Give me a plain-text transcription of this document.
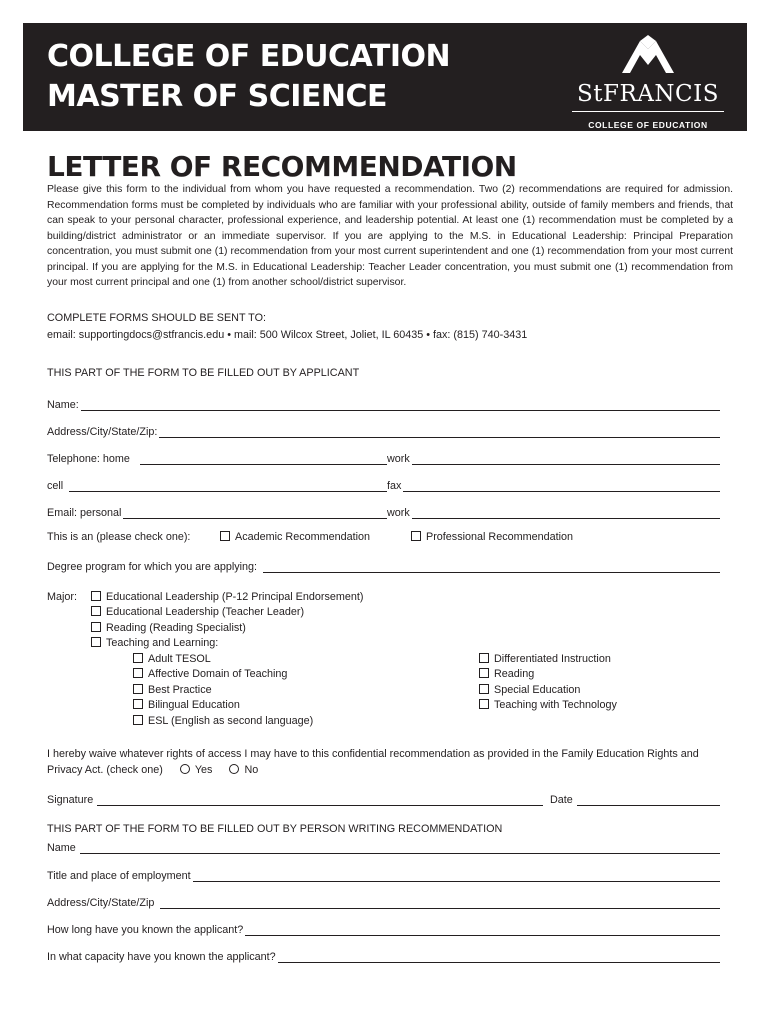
COLLEGE OF EDUCATION
MASTER OF SCIENCE	StFRANCIS
COLLEGE OF EDUCATION
LETTER OF RECOMMENDATION
Please give this form to the individual from whom you have requested a recommendation. Two (2) recommendations are required for admission. Recommendation forms must be completed by individuals who are familiar with your professional ability, outside of family members and friends, that can speak to your personal character, professional experience, and leadership potential. At least one (1) recommendation must be completed by a building/district administrator or an immediate supervisor. If you are applying to the M.S. in Educational Leadership: Principal Preparation concentration, you must submit one (1) recommendation from your most current superintendent and one (1) recommendation from your most current principal. If you are applying for the M.S. in Educational Leadership: Teacher Leader concentration, you must submit one (1) recommendation from your most current principal and one (1) from another school/district supervisor.
COMPLETE FORMS SHOULD BE SENT TO:
email: supportingdocs@stfrancis.edu • mail: 500 Wilcox Street, Joliet, IL 60435 • fax: (815) 740-3431
THIS PART OF THE FORM TO BE FILLED OUT BY APPLICANT
Name:
Address/City/State/Zip:
Telephone: home	work
cell	fax
Email: personal	work
This is an (please check one):	Academic Recommendation	Professional Recommendation
Degree program for which you are applying:
Major:	Educational Leadership (P-12 Principal Endorsement)
Educational Leadership (Teacher Leader)
Reading (Reading Specialist)
Teaching and Learning:
Adult TESOL
Affective Domain of Teaching
Best Practice
Bilingual Education
ESL (English as second language)
Differentiated Instruction
Reading
Special Education
Teaching with Technology
I hereby waive whatever rights of access I may have to this confidential recommendation as provided in the Family Education Rights and Privacy Act. (check one)	Yes	No
Signature	Date
THIS PART OF THE FORM TO BE FILLED OUT BY PERSON WRITING RECOMMENDATION
Name
Title and place of employment
Address/City/State/Zip
How long have you known the applicant?
In what capacity have you known the applicant?
